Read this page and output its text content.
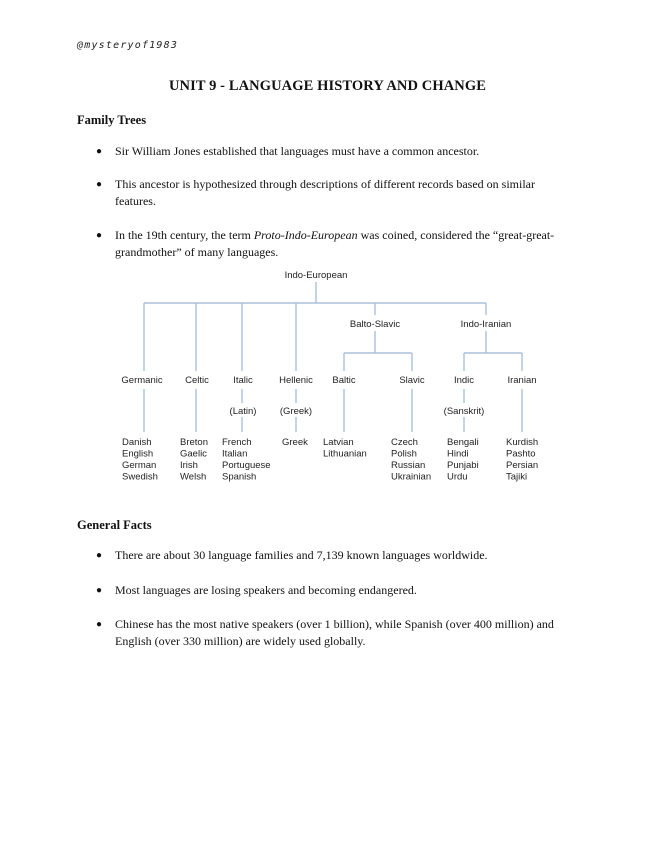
@mysteryof1983
UNIT 9 - LANGUAGE HISTORY AND CHANGE
Family Trees
● Sir William Jones established that languages must have a common ancestor.
● This ancestor is hypothesized through descriptions of different records based on similar features.
● In the 19th century, the term Proto-Indo-European was coined, considered the “great-great-grandmother” of many languages.
Indo-European
Balto-Slavic	Indo-Iranian
Germanic
Danish
English
German
Swedish
Celtic
Breton
Gaelic
Irish
Welsh
Italic
(Latin)
French
Italian
Portuguese
Spanish
Hellenic
(Greek)
Greek
Baltic
Latvian
Lithuanian
Slavic
Czech
Polish
Russian
Ukrainian
Indic
(Sanskrit)
Bengali
Hindi
Punjabi
Urdu
Iranian
Kurdish
Pashto
Persian
Tajiki
General Facts
● There are about 30 language families and 7,139 known languages worldwide.
● Most languages are losing speakers and becoming endangered.
● Chinese has the most native speakers (over 1 billion), while Spanish (over 400 million) and English (over 330 million) are widely used globally.
